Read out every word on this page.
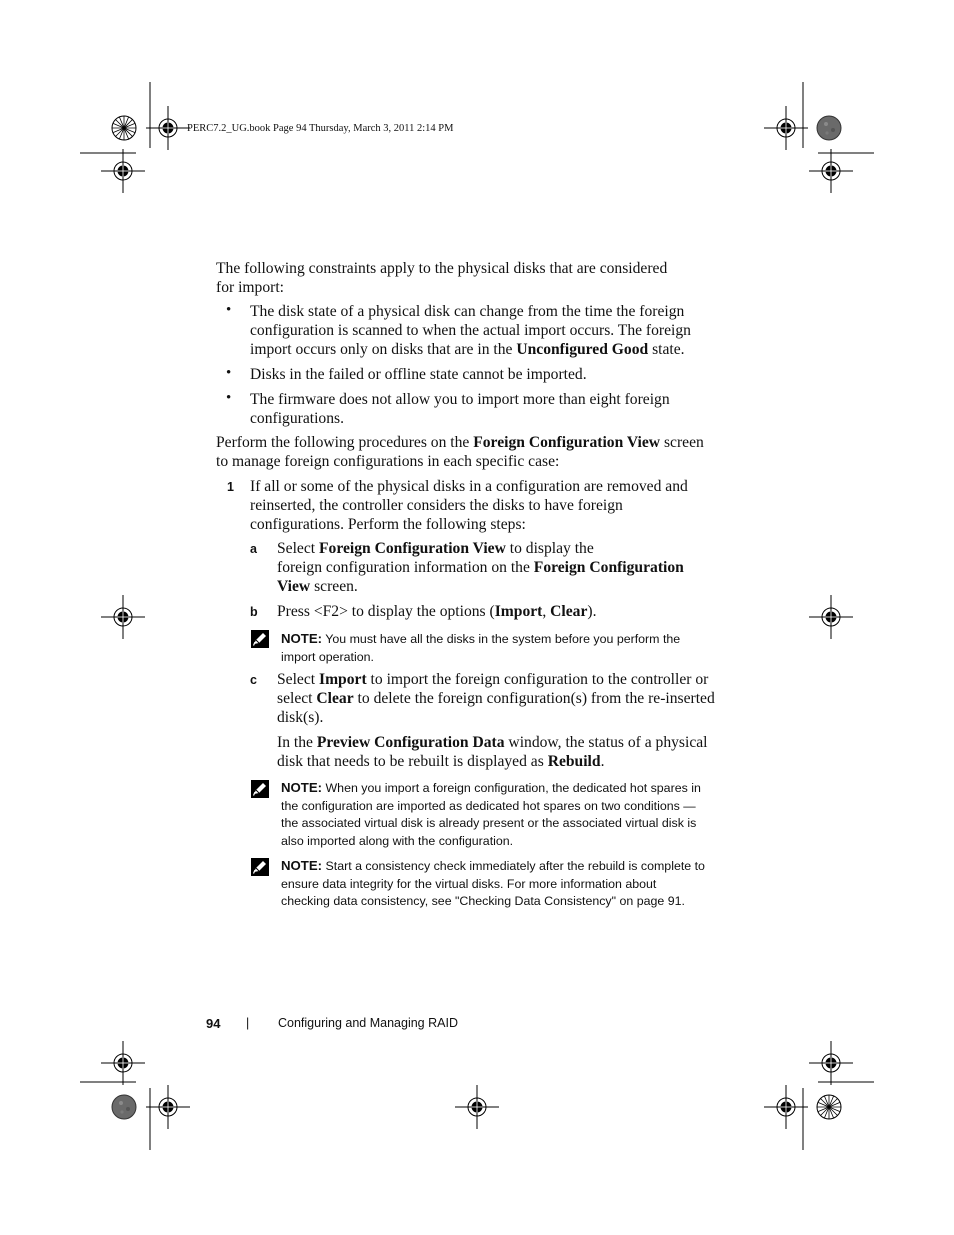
PERC7.2_UG.book Page 94 Thursday, March 3, 2011 2:14 PM
The following constraints apply to the physical disks that are considered
for import:
• The disk state of a physical disk can change from the time the foreign
configuration is scanned to when the actual import occurs. The foreign
import occurs only on disks that are in the Unconfigured Good state.
• Disks in the failed or offline state cannot be imported.
• The firmware does not allow you to import more than eight foreign
configurations.
Perform the following procedures on the Foreign Configuration View screen
to manage foreign configurations in each specific case:
1 If all or some of the physical disks in a configuration are removed and
reinserted, the controller considers the disks to have foreign
configurations. Perform the following steps:
a Select Foreign Configuration View to display the
foreign configuration information on the Foreign Configuration
View screen.
b Press <F2> to display the options (Import, Clear).
NOTE: You must have all the disks in the system before you perform the
import operation.
c Select Import to import the foreign configuration to the controller or
select Clear to delete the foreign configuration(s) from the re-inserted
disk(s).
In the Preview Configuration Data window, the status of a physical
disk that needs to be rebuilt is displayed as Rebuild.
NOTE: When you import a foreign configuration, the dedicated hot spares in
the configuration are imported as dedicated hot spares on two conditions —
the associated virtual disk is already present or the associated virtual disk is
also imported along with the configuration.
NOTE: Start a consistency check immediately after the rebuild is complete to
ensure data integrity for the virtual disks. For more information about
checking data consistency, see "Checking Data Consistency" on page 91.
94 | Configuring and Managing RAID
